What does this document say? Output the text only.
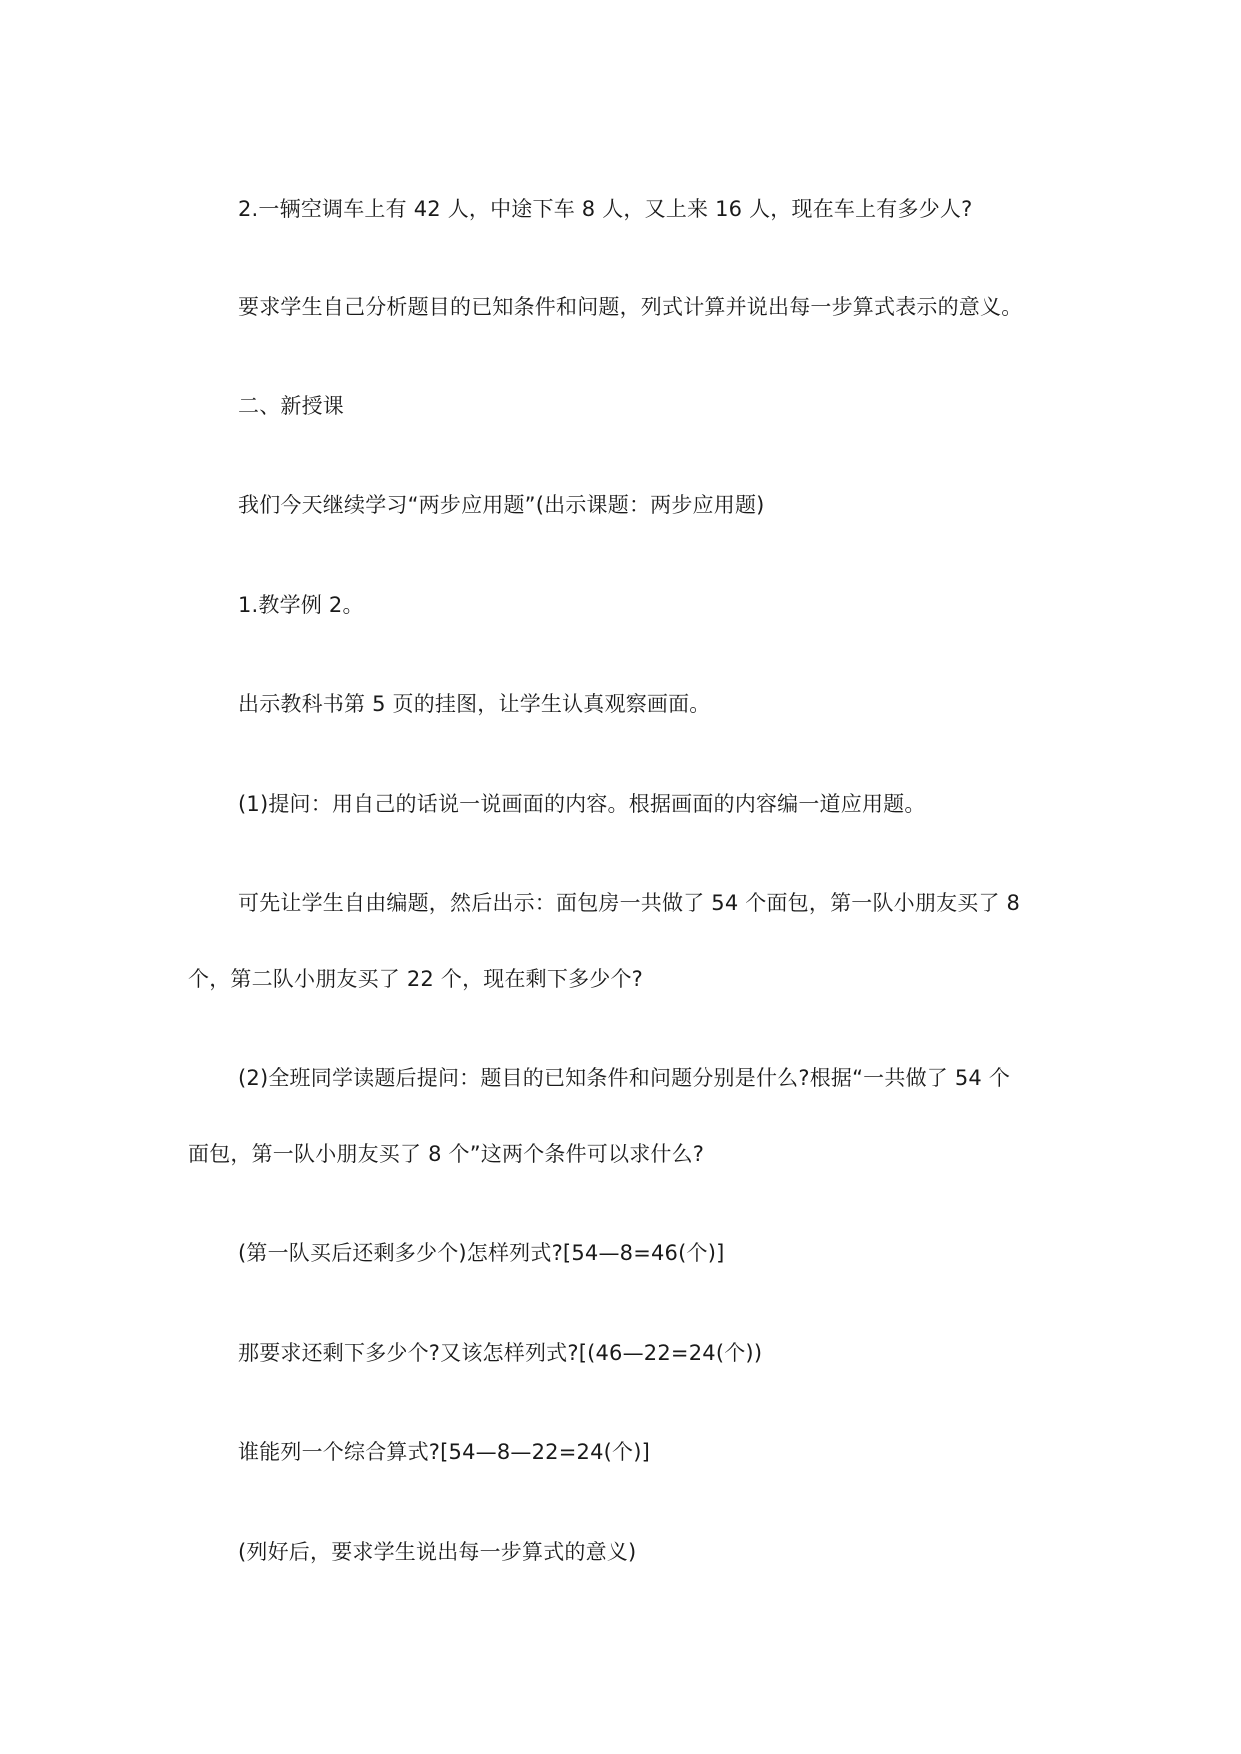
2.一辆空调车上有 42 人，中途下车 8 人，又上来 16 人，现在车上有多少人?

要求学生自己分析题目的已知条件和问题，列式计算并说出每一步算式表示的意义。

二、新授课

我们今天继续学习“两步应用题”(出示课题：两步应用题)

1.教学例 2。

出示教科书第 5 页的挂图，让学生认真观察画面。

(1)提问：用自己的话说一说画面的内容。根据画面的内容编一道应用题。

可先让学生自由编题，然后出示：面包房一共做了 54 个面包，第一队小朋友买了 8

个，第二队小朋友买了 22 个，现在剩下多少个?

(2)全班同学读题后提问：题目的已知条件和问题分别是什么?根据“一共做了 54 个

面包，第一队小朋友买了 8 个”这两个条件可以求什么?

(第一队买后还剩多少个)怎样列式?[54—8=46(个)]

那要求还剩下多少个?又该怎样列式?[(46—22=24(个))

谁能列一个综合算式?[54—8—22=24(个)]

(列好后，要求学生说出每一步算式的意义)
